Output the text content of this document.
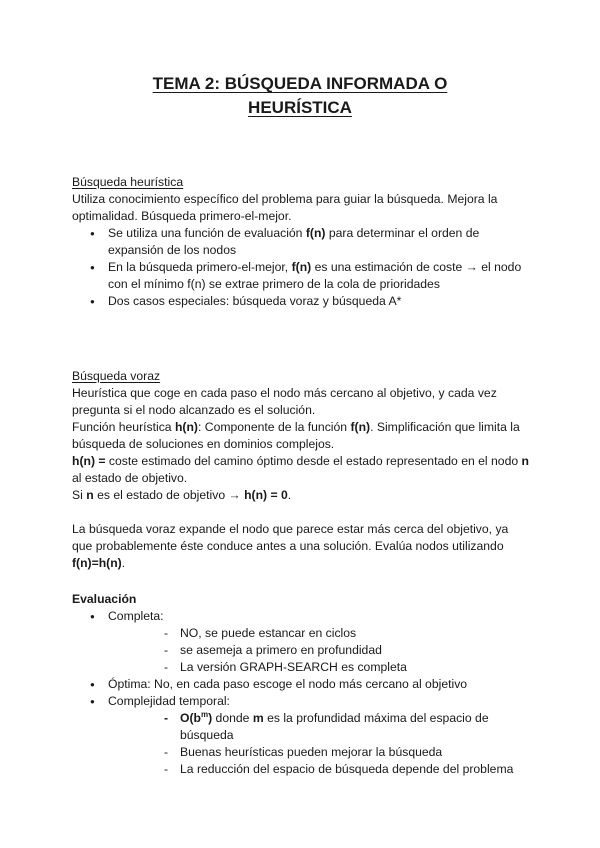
TEMA 2: BÚSQUEDA INFORMADA O
HEURÍSTICA

Búsqueda heurística

Utiliza conocimiento específico del problema para guiar la búsqueda. Mejora la optimalidad. Búsqueda primero-el-mejor.

● Se utiliza una función de evaluación f(n) para determinar el orden de expansión de los nodos
● En la búsqueda primero-el-mejor, f(n) es una estimación de coste → el nodo con el mínimo f(n) se extrae primero de la cola de prioridades
● Dos casos especiales: búsqueda voraz y búsqueda A*

Búsqueda voraz

Heurística que coge en cada paso el nodo más cercano al objetivo, y cada vez pregunta si el nodo alcanzado es el solución.

Función heurística h(n): Componente de la función f(n). Simplificación que limita la búsqueda de soluciones en dominios complejos.

h(n) = coste estimado del camino óptimo desde el estado representado en el nodo n al estado de objetivo.

Si n es el estado de objetivo → h(n) = 0.

La búsqueda voraz expande el nodo que parece estar más cerca del objetivo, ya que probablemente éste conduce antes a una solución. Evalúa nodos utilizando f(n)=h(n).

Evaluación

● Completa:
- NO, se puede estancar en ciclos
- se asemeja a primero en profundidad
- La versión GRAPH-SEARCH es completa
● Óptima: No, en cada paso escoge el nodo más cercano al objetivo
● Complejidad temporal:
- $O(b^m)$ donde m es la profundidad máxima del espacio de búsqueda
- Buenas heurísticas pueden mejorar la búsqueda
- La reducción del espacio de búsqueda depende del problema
